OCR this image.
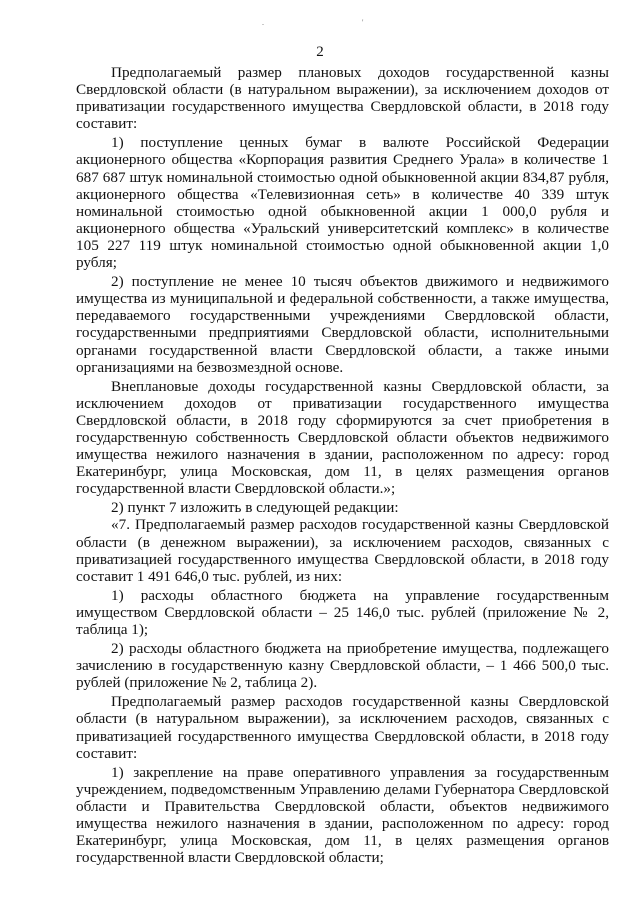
. '
2

Предполагаемый размер плановых доходов государственной казны Свердловской области (в натуральном выражении), за исключением доходов от приватизации государственного имущества Свердловской области, в 2018 году составит:

1) поступление ценных бумаг в валюте Российской Федерации акционерного общества «Корпорация развития Среднего Урала» в количестве 1 687 687 штук номинальной стоимостью одной обыкновенной акции 834,87 рубля, акционерного общества «Телевизионная сеть» в количестве 40 339 штук номинальной стоимостью одной обыкновенной акции 1 000,0 рубля и акционерного общества «Уральский университетский комплекс» в количестве 105 227 119 штук номинальной стоимостью одной обыкновенной акции 1,0 рубля;

2) поступление не менее 10 тысяч объектов движимого и недвижимого имущества из муниципальной и федеральной собственности, а также имущества, передаваемого государственными учреждениями Свердловской области, государственными предприятиями Свердловской области, исполнительными органами государственной власти Свердловской области, а также иными организациями на безвозмездной основе.

Внеплановые доходы государственной казны Свердловской области, за исключением доходов от приватизации государственного имущества Свердловской области, в 2018 году сформируются за счет приобретения в государственную собственность Свердловской области объектов недвижимого имущества нежилого назначения в здании, расположенном по адресу: город Екатеринбург, улица Московская, дом 11, в целях размещения органов государственной власти Свердловской области.»;

2) пункт 7 изложить в следующей редакции:

«7. Предполагаемый размер расходов государственной казны Свердловской области (в денежном выражении), за исключением расходов, связанных с приватизацией государственного имущества Свердловской области, в 2018 году составит 1 491 646,0 тыс. рублей, из них:

1) расходы областного бюджета на управление государственным имуществом Свердловской области – 25 146,0 тыс. рублей (приложение № 2, таблица 1);

2) расходы областного бюджета на приобретение имущества, подлежащего зачислению в государственную казну Свердловской области, – 1 466 500,0 тыс. рублей (приложение № 2, таблица 2).

Предполагаемый размер расходов государственной казны Свердловской области (в натуральном выражении), за исключением расходов, связанных с приватизацией государственного имущества Свердловской области, в 2018 году составит:

1) закрепление на праве оперативного управления за государственным учреждением, подведомственным Управлению делами Губернатора Свердловской области и Правительства Свердловской области, объектов недвижимого имущества нежилого назначения в здании, расположенном по адресу: город Екатеринбург, улица Московская, дом 11, в целях размещения органов государственной власти Свердловской области;
